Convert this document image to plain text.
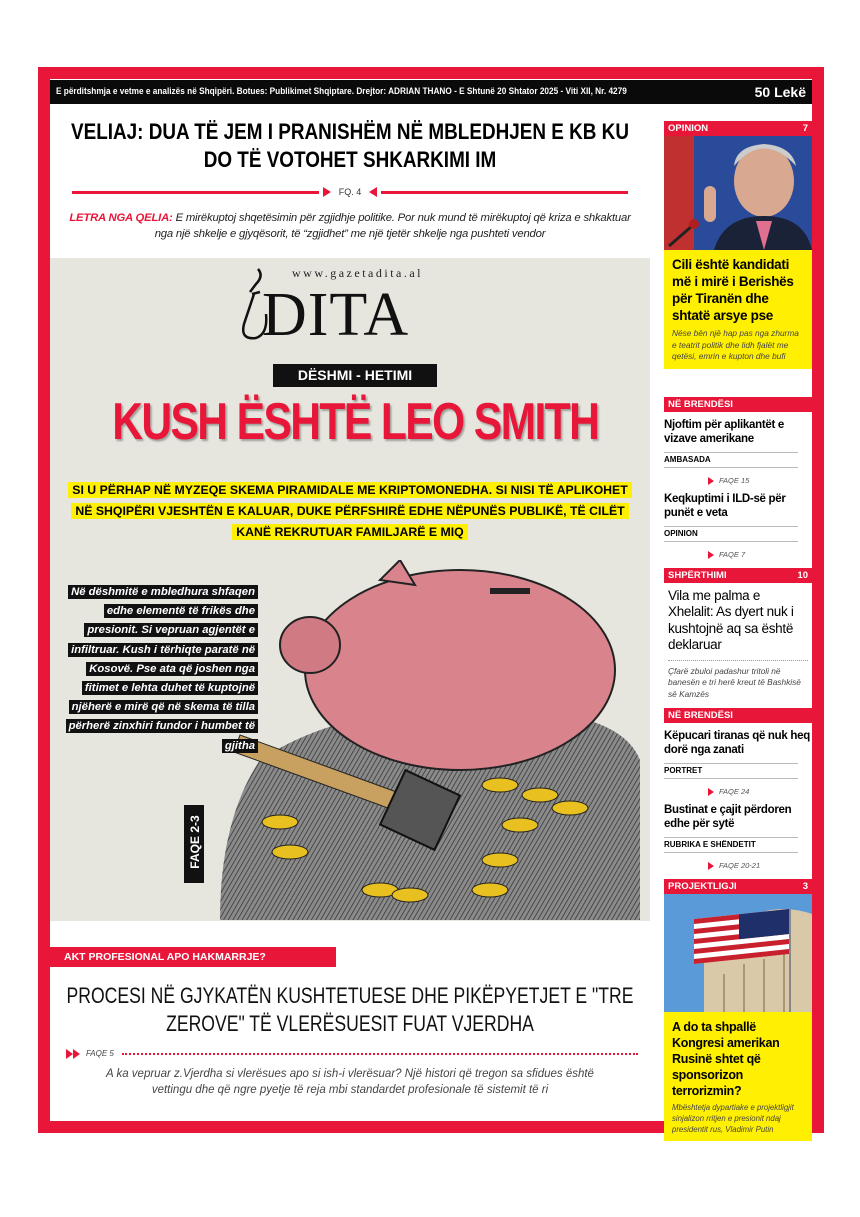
E përditshmja e vetme e analizës në Shqipëri. Botues: Publikimet Shqiptare. Drejtor: ADRIAN THANO - E Shtunë 20 Shtator 2025 - Viti XII, Nr. 4279	50 Lekë
VELIAJ: DUA TË JEM I PRANISHËM NË MBLEDHJEN E KB KU DO TË VOTOHET SHKARKIMI IM
FQ. 4
LETRA NGA QELIA: E mirëkuptoj shqetësimin për zgjidhje politike. Por nuk mund të mirëkuptoj që kriza e shkaktuar nga një shkelje e gjyqësorit, të “zgjidhet” me një tjetër shkelje nga pushteti vendor
www.gazetadita.al
DITA
DËSHMI - HETIMI
KUSH ËSHTË LEO SMITH
SI U PËRHAP NË MYZEQE SKEMA PIRAMIDALE ME KRIPTOMONEDHA. SI NISI TË APLIKOHET NË SHQIPËRI VJESHTËN E KALUAR, DUKE PËRFSHIRË EDHE NËPUNËS PUBLIKË, TË CILËT KANË REKRUTUAR FAMILJARË E MIQ
Në dëshmitë e mbledhura shfaqen edhe elementë të frikës dhe presionit. Si vepruan agjentët e infiltruar. Kush i tërhiqte paratë në Kosovë. Pse ata që joshen nga fitimet e lehta duhet të kuptojnë njëherë e mirë që në skema të tilla përherë zinxhiri fundor i humbet të gjitha
FAQE 2-3
AKT PROFESIONAL APO HAKMARRJE?
PROCESI NË GJYKATËN KUSHTETUESE DHE PIKËPYETJET E "TRE ZEROVE" TË VLERËSUESIT FUAT VJERDHA
FAQE 5
A ka vepruar z.Vjerdha si vlerësues apo si ish-i vlerësuar? Një histori që tregon sa sfidues është vettingu dhe që ngre pyetje të reja mbi standardet profesionale të sistemit të ri
OPINION	7
Cili është kandidati më i mirë i Berishës për Tiranën dhe shtatë arsye pse
Nëse bën një hap pas nga zhurma e teatrit politik dhe lidh fjalët me qetësi, emrin e kupton dhe bufi
NË BRENDËSI
Njoftim për aplikantët e vizave amerikane
AMBASADA
FAQE 15
Keqkuptimi i ILD-së për punët e veta
OPINION
FAQE 7
SHPËRTHIMI	10
Vila me palma e Xhelalit: As dyert nuk i kushtojnë aq sa është deklaruar
Çfarë zbuloi padashur tritoli në banesën e tri herë kreut të Bashkisë së Kamzës
NË BRENDËSI
Këpucari tiranas që nuk heq dorë nga zanati
PORTRET
FAQE 24
Bustinat e çajit përdoren edhe për sytë
RUBRIKA E SHËNDETIT
FAQE 20-21
PROJEKTLIGJI	3
A do ta shpallë Kongresi amerikan Rusinë shtet që sponsorizon terrorizmin?
Mbështetja dypartiake e projektligjit sinjalizon rritjen e presionit ndaj presidentit rus, Vladimir Putin
